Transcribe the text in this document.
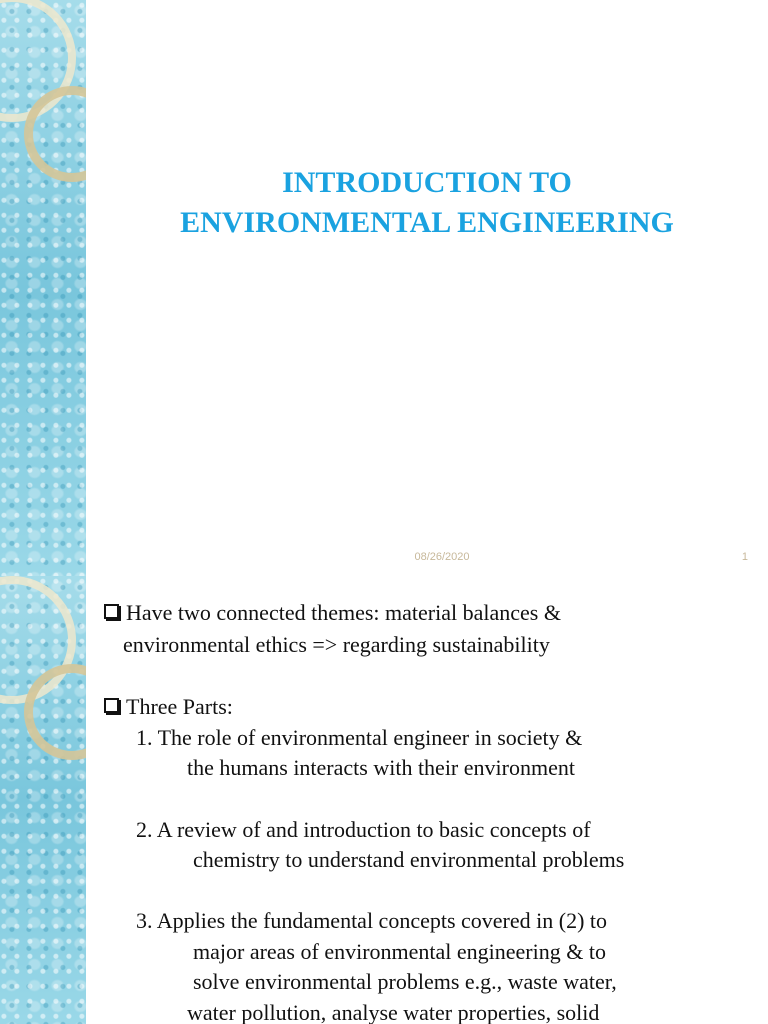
INTRODUCTION TO
ENVIRONMENTAL ENGINEERING
08/26/2020	1
Have two connected themes: material balances &
environmental ethics => regarding sustainability
Three Parts:
1. The role of environmental engineer in society &
the humans interacts with their environment
2. A review of and introduction to basic concepts of
chemistry to understand environmental problems
3. Applies the fundamental concepts covered in (2) to
major areas of environmental engineering & to
solve environmental problems e.g., waste water,
water pollution, analyse water properties, solid
